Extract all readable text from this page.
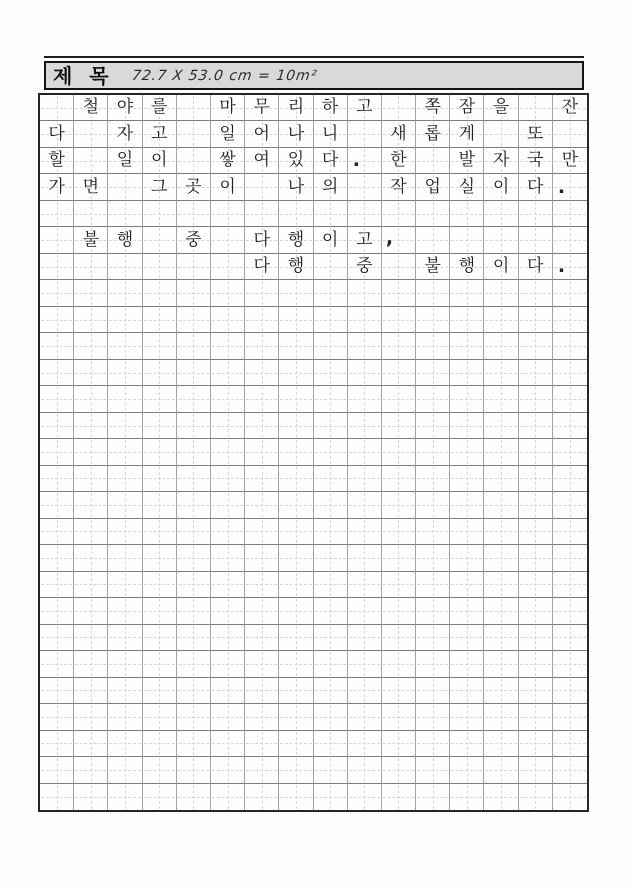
제 목 72.7 X 53.0 cm = 10m²
철 야 를	마 무 리 하 고	쪽 잠 을	잔
다	자 고	일 어 나 니	새 롭 게	또
할	일 이	쌓 여 있 다 . 한	발 자 국 만
가 면	그 곳 이	나 의	작 업 실 이 다 .
불 행	중	다 행 이 고 ,
다 행	중	불 행 이 다 .
